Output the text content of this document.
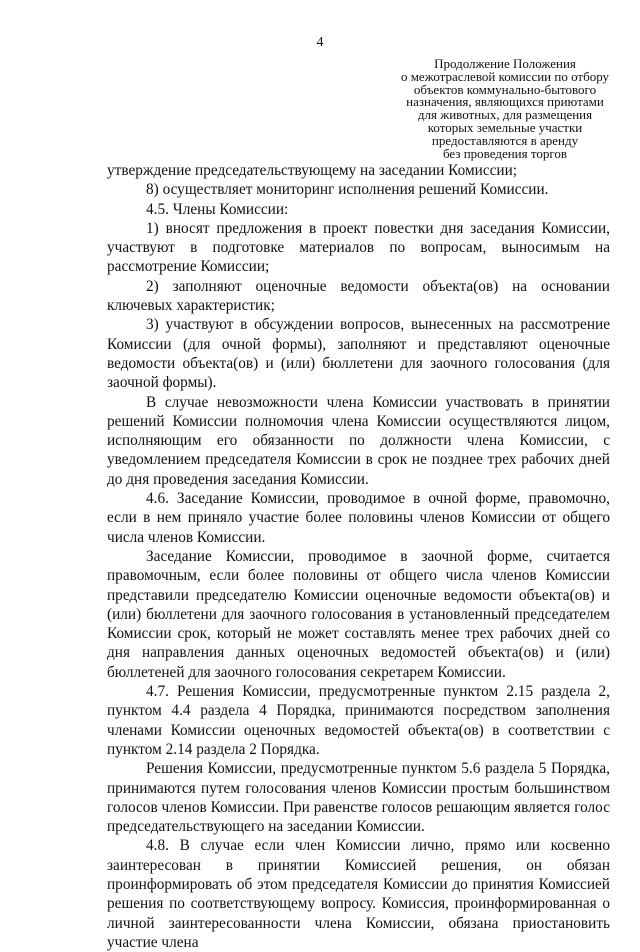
4
Продолжение Положения
о межотраслевой комиссии по отбору
объектов коммунально-бытового
назначения, являющихся приютами
для животных, для размещения
которых земельные участки
предоставляются в аренду
без проведения торгов

утверждение председательствующему на заседании Комиссии;

8) осуществляет мониторинг исполнения решений Комиссии.

4.5. Члены Комиссии:

1) вносят предложения в проект повестки дня заседания Комиссии, участвуют в подготовке материалов по вопросам, выносимым на рассмотрение Комиссии;

2) заполняют оценочные ведомости объекта(ов) на основании ключевых характеристик;

3) участвуют в обсуждении вопросов, вынесенных на рассмотрение Комиссии (для очной формы), заполняют и представляют оценочные ведомости объекта(ов) и (или) бюллетени для заочного голосования (для заочной формы).

В случае невозможности члена Комиссии участвовать в принятии решений Комиссии полномочия члена Комиссии осуществляются лицом, исполняющим его обязанности по должности члена Комиссии, с уведомлением председателя Комиссии в срок не позднее трех рабочих дней до дня проведения заседания Комиссии.

4.6. Заседание Комиссии, проводимое в очной форме, правомочно, если в нем приняло участие более половины членов Комиссии от общего числа членов Комиссии.

Заседание Комиссии, проводимое в заочной форме, считается правомочным, если более половины от общего числа членов Комиссии представили председателю Комиссии оценочные ведомости объекта(ов) и (или) бюллетени для заочного голосования в установленный председателем Комиссии срок, который не может составлять менее трех рабочих дней со дня направления данных оценочных ведомостей объекта(ов) и (или) бюллетеней для заочного голосования секретарем Комиссии.

4.7. Решения Комиссии, предусмотренные пунктом 2.15 раздела 2, пунктом 4.4 раздела 4 Порядка, принимаются посредством заполнения членами Комиссии оценочных ведомостей объекта(ов) в соответствии с пунктом 2.14 раздела 2 Порядка.

Решения Комиссии, предусмотренные пунктом 5.6 раздела 5 Порядка, принимаются путем голосования членов Комиссии простым большинством голосов членов Комиссии. При равенстве голосов решающим является голос председательствующего на заседании Комиссии.

4.8. В случае если член Комиссии лично, прямо или косвенно заинтересован в принятии Комиссией решения, он обязан проинформировать об этом председателя Комиссии до принятия Комиссией решения по соответствующему вопросу. Комиссия, проинформированная о личной заинтересованности члена Комиссии, обязана приостановить участие члена
